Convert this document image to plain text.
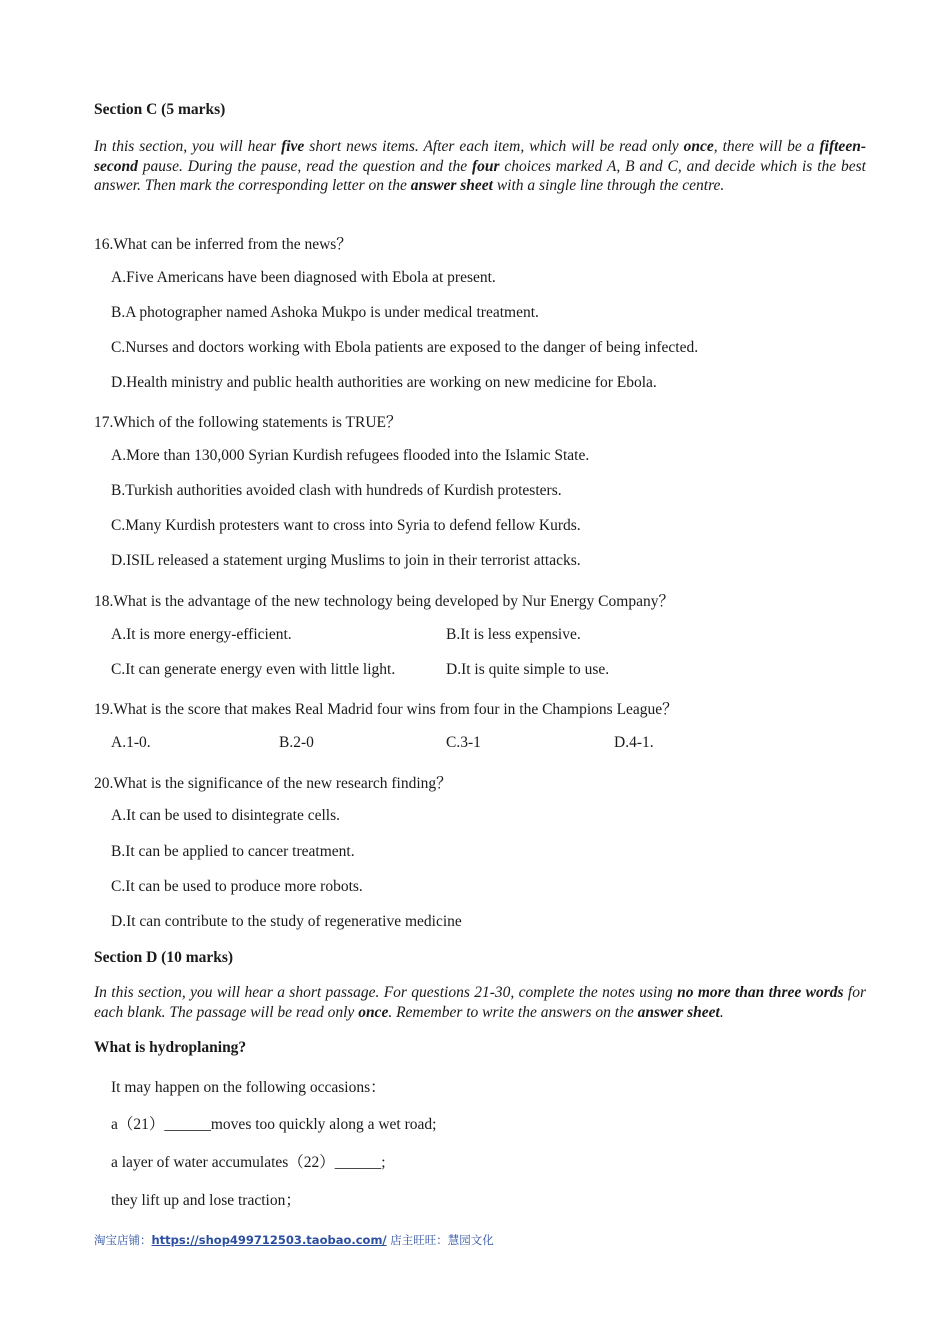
Section C (5 marks)
In this section, you will hear five short news items. After each item, which will be read only once, there will be a fifteen-second pause. During the pause, read the question and the four choices marked A, B and C, and decide which is the best answer. Then mark the corresponding letter on the answer sheet with a single line through the centre.
16.What can be inferred from the news？
A.Five Americans have been diagnosed with Ebola at present.
B.A photographer named Ashoka Mukpo is under medical treatment.
C.Nurses and doctors working with Ebola patients are exposed to the danger of being infected.
D.Health ministry and public health authorities are working on new medicine for Ebola.
17.Which of the following statements is TRUE？
A.More than 130,000 Syrian Kurdish refugees flooded into the Islamic State.
B.Turkish authorities avoided clash with hundreds of Kurdish protesters.
C.Many Kurdish protesters want to cross into Syria to defend fellow Kurds.
D.ISIL released a statement urging Muslims to join in their terrorist attacks.
18.What is the advantage of the new technology being developed by Nur Energy Company？
A.It is more energy-efficient.	B.It is less expensive.
C.It can generate energy even with little light.	D.It is quite simple to use.
19.What is the score that makes Real Madrid four wins from four in the Champions League？
A.1-0.	B.2-0	C.3-1	D.4-1.
20.What is the significance of the new research finding？
A.It can be used to disintegrate cells.
B.It can be applied to cancer treatment.
C.It can be used to produce more robots.
D.It can contribute to the study of regenerative medicine
Section D (10 marks)
In this section, you will hear a short passage. For questions 21-30, complete the notes using no more than three words for each blank. The passage will be read only once. Remember to write the answers on the answer sheet.
What is hydroplaning?
It may happen on the following occasions：
a（21）______moves too quickly along a wet road;
a layer of water accumulates（22）______;
they lift up and lose traction；
淘宝店铺：https://shop499712503.taobao.com/ 店主旺旺：慧园文化
